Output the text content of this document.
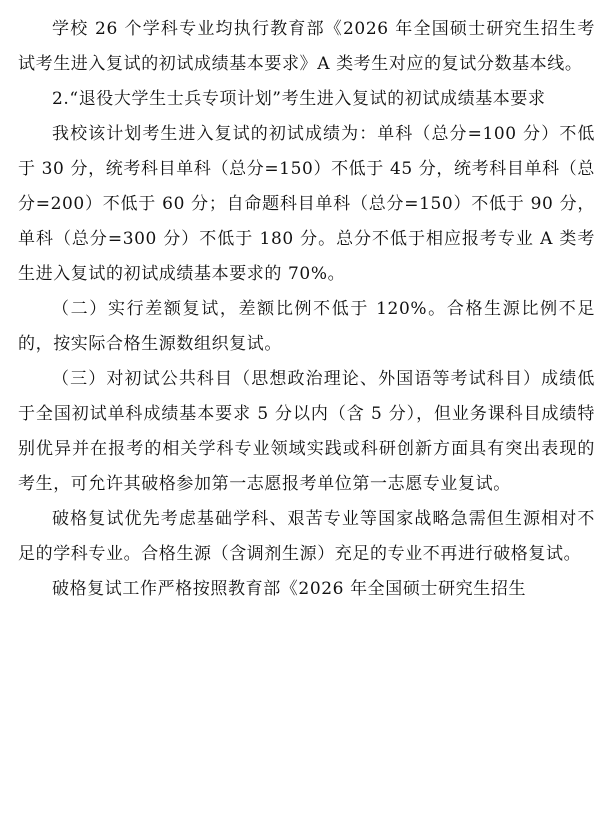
学校 26 个学科专业均执行教育部《2026 年全国硕士研究生招生考试考生进入复试的初试成绩基本要求》A 类考生对应的复试分数基本线。

2.“退役大学生士兵专项计划”考生进入复试的初试成绩基本要求

我校该计划考生进入复试的初试成绩为：单科（总分=100 分）不低于 30 分，统考科目单科（总分=150）不低于 45 分，统考科目单科（总分=200）不低于 60 分；自命题科目单科（总分=150）不低于 90 分，单科（总分=300 分）不低于 180 分。总分不低于相应报考专业 A 类考生进入复试的初试成绩基本要求的 70%。

（二）实行差额复试，差额比例不低于 120%。合格生源比例不足的，按实际合格生源数组织复试。

（三）对初试公共科目（思想政治理论、外国语等考试科目）成绩低于全国初试单科成绩基本要求 5 分以内（含 5 分），但业务课科目成绩特别优异并在报考的相关学科专业领域实践或科研创新方面具有突出表现的考生，可允许其破格参加第一志愿报考单位第一志愿专业复试。

破格复试优先考虑基础学科、艰苦专业等国家战略急需但生源相对不足的学科专业。合格生源（含调剂生源）充足的专业不再进行破格复试。

破格复试工作严格按照教育部《2026 年全国硕士研究生招生
